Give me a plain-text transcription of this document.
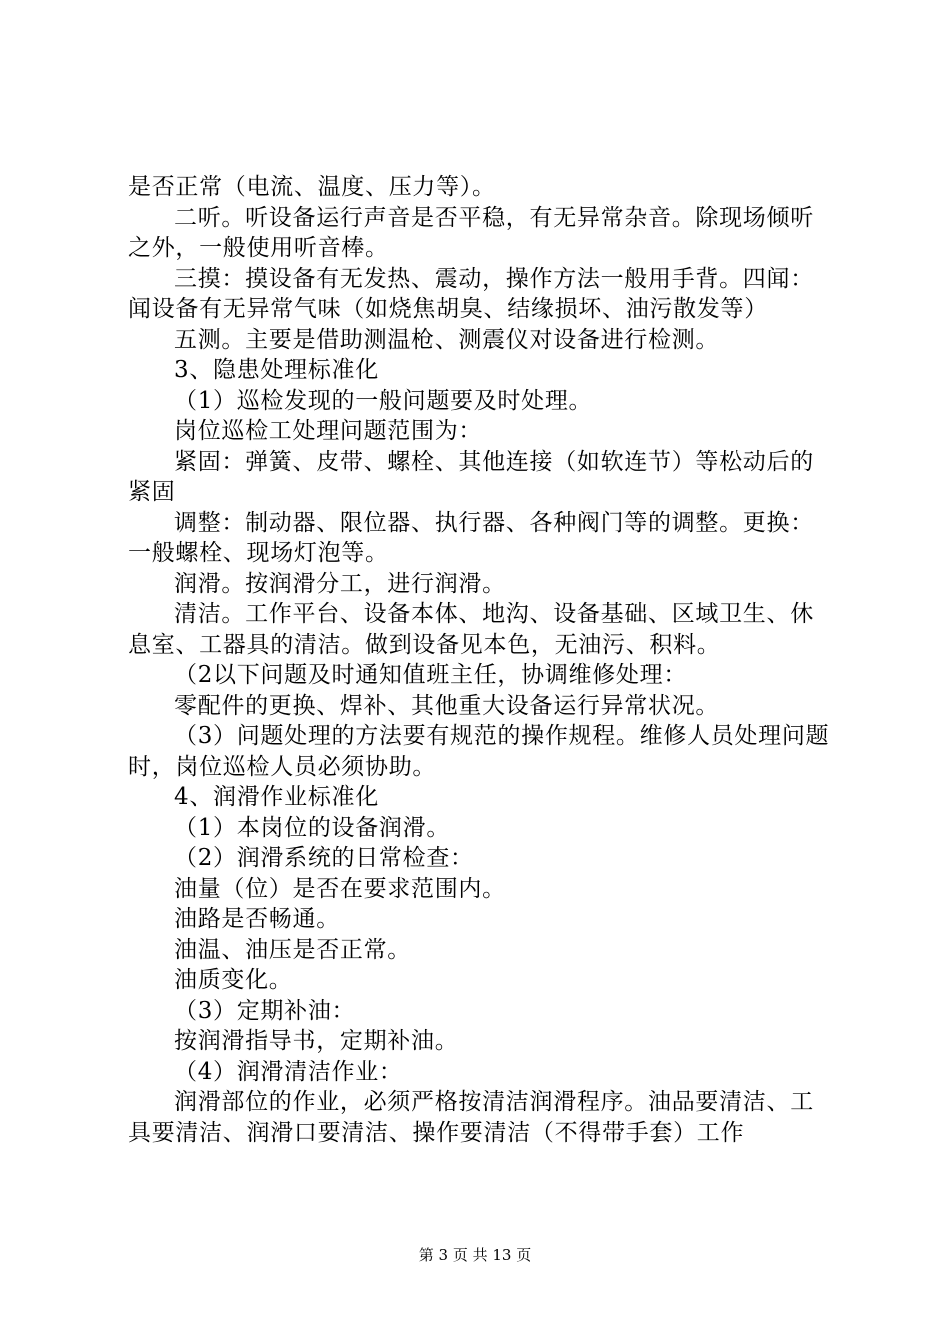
是否正常（电流、温度、压力等）。

二听。听设备运行声音是否平稳，有无异常杂音。除现场倾听之外，一般使用听音棒。

三摸：摸设备有无发热、震动，操作方法一般用手背。四闻：闻设备有无异常气味（如烧焦胡臭、结缘损坏、油污散发等）

五测。主要是借助测温枪、测震仪对设备进行检测。

3、隐患处理标准化

（1）巡检发现的一般问题要及时处理。

岗位巡检工处理问题范围为：

紧固：弹簧、皮带、螺栓、其他连接（如软连节）等松动后的紧固

调整：制动器、限位器、执行器、各种阀门等的调整。更换：一般螺栓、现场灯泡等。

润滑。按润滑分工，进行润滑。

清洁。工作平台、设备本体、地沟、设备基础、区域卫生、休息室、工器具的清洁。做到设备见本色，无油污、积料。

（2以下问题及时通知值班主任，协调维修处理：

零配件的更换、焊补、其他重大设备运行异常状况。

（3）问题处理的方法要有规范的操作规程。维修人员处理问题时，岗位巡检人员必须协助。

4、润滑作业标准化

（1）本岗位的设备润滑。

（2）润滑系统的日常检查：

油量（位）是否在要求范围内。

油路是否畅通。

油温、油压是否正常。

油质变化。

（3）定期补油：

按润滑指导书，定期补油。

（4）润滑清洁作业：

润滑部位的作业，必须严格按清洁润滑程序。油品要清洁、工具要清洁、润滑口要清洁、操作要清洁（不得带手套）工作

第 3 页 共 13 页
